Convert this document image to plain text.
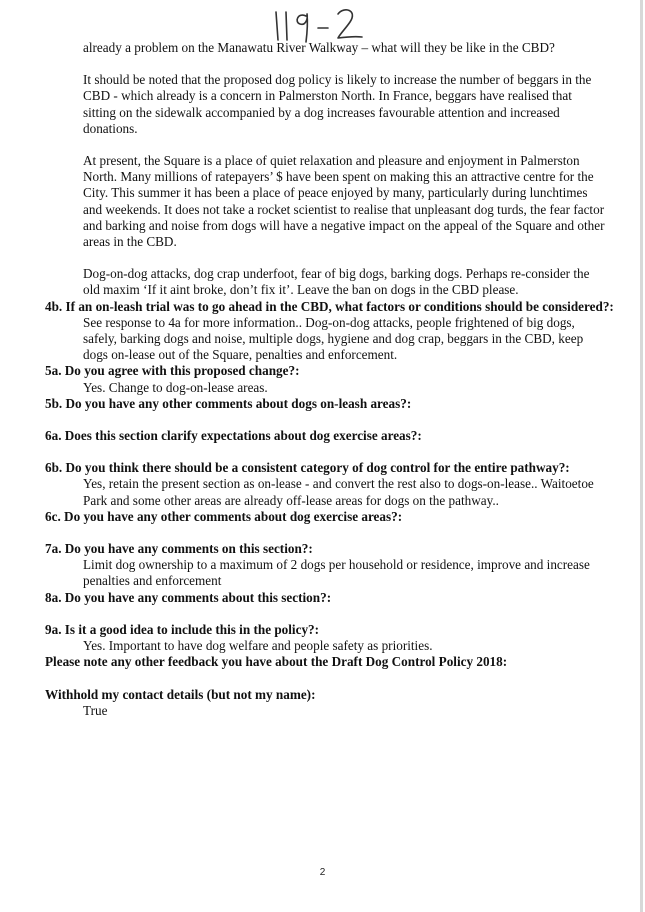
already a problem on the Manawatu River Walkway – what will they be like in the CBD?

It should be noted that the proposed dog policy is likely to increase the number of beggars in the CBD - which already is a concern in Palmerston North. In France, beggars have realised that sitting on the sidewalk accompanied by a dog increases favourable attention and increased donations.

At present, the Square is a place of quiet relaxation and pleasure and enjoyment in Palmerston North. Many millions of ratepayers’ $ have been spent on making this an attractive centre for the City. This summer it has been a place of peace enjoyed by many, particularly during lunchtimes and weekends. It does not take a rocket scientist to realise that unpleasant dog turds, the fear factor and barking and noise from dogs will have a negative impact on the appeal of the Square and other areas in the CBD.

Dog-on-dog attacks, dog crap underfoot, fear of big dogs, barking dogs. Perhaps re-consider the old maxim ‘If it aint broke, don’t fix it’. Leave the ban on dogs in the CBD please.

4b. If an on-leash trial was to go ahead in the CBD, what factors or conditions should be considered?:

See response to 4a for more information.. Dog-on-dog attacks, people frightened of big dogs, safely, barking dogs and noise, multiple dogs, hygiene and dog crap, beggars in the CBD, keep dogs on-lease out of the Square, penalties and enforcement.

5a. Do you agree with this proposed change?:

Yes. Change to dog-on-lease areas.

5b. Do you have any other comments about dogs on-leash areas?:

6a. Does this section clarify expectations about dog exercise areas?:

6b. Do you think there should be a consistent category of dog control for the entire pathway?:

Yes, retain the present section as on-lease - and convert the rest also to dogs-on-lease.. Waitoetoe Park and some other areas are already off-lease areas for dogs on the pathway..

6c. Do you have any other comments about dog exercise areas?:

7a. Do you have any comments on this section?:

Limit dog ownership to a maximum of 2 dogs per household or residence, improve and increase penalties and enforcement

8a. Do you have any comments about this section?:

9a. Is it a good idea to include this in the policy?:

Yes. Important to have dog welfare and people safety as priorities.

Please note any other feedback you have about the Draft Dog Control Policy 2018:

Withhold my contact details (but not my name):

True

2
